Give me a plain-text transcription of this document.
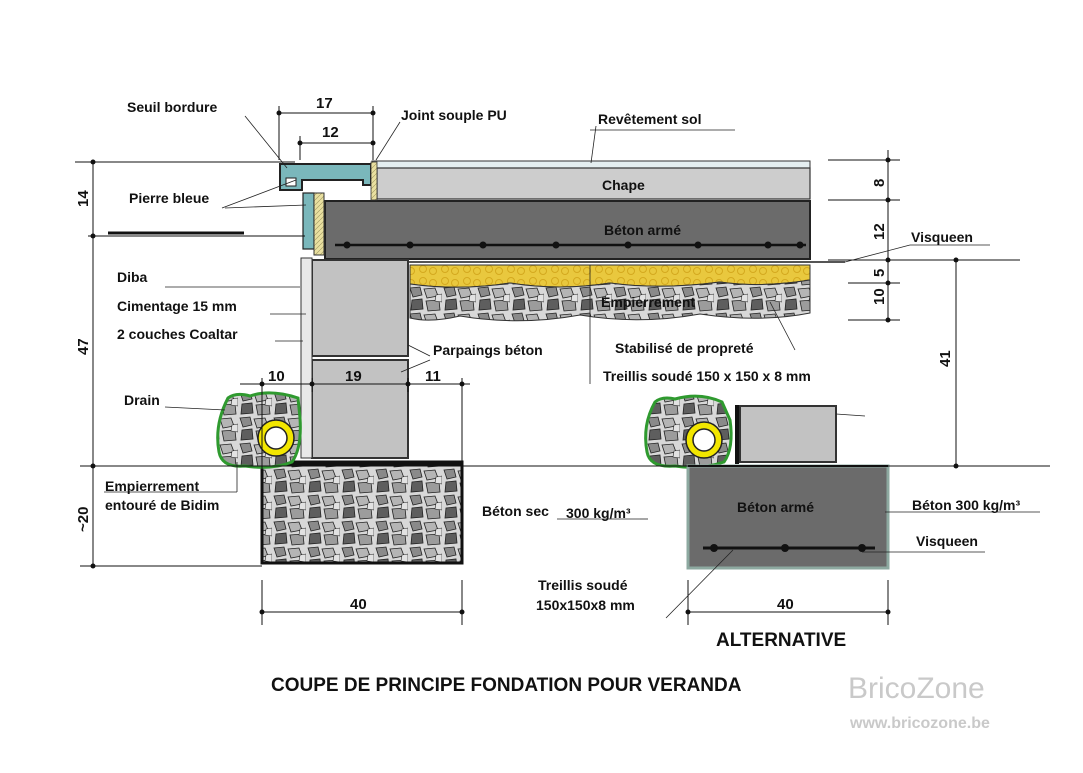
Seuil bordure	Joint souple PU	Revêtement sol
Pierre bleue
Chape
Béton armé	Visqueen
Diba
Cimentage 15 mm
2 couches Coaltar
Empierrement
Parpaings béton	Stabilisé de propreté
Treillis soudé 150 x 150 x 8 mm
Drain
Empierrement
entouré de Bidim	Béton sec 300 kg/m³	Béton armé	Béton 300 kg/m³
Visqueen
Treillis soudé
150x150x8 mm
17
12
14
47
~20
10	19	11
40	40
8
12
5
10
41
ALTERNATIVE
COUPE DE PRINCIPE FONDATION POUR VERANDA	BricoZone
www.bricozone.be
